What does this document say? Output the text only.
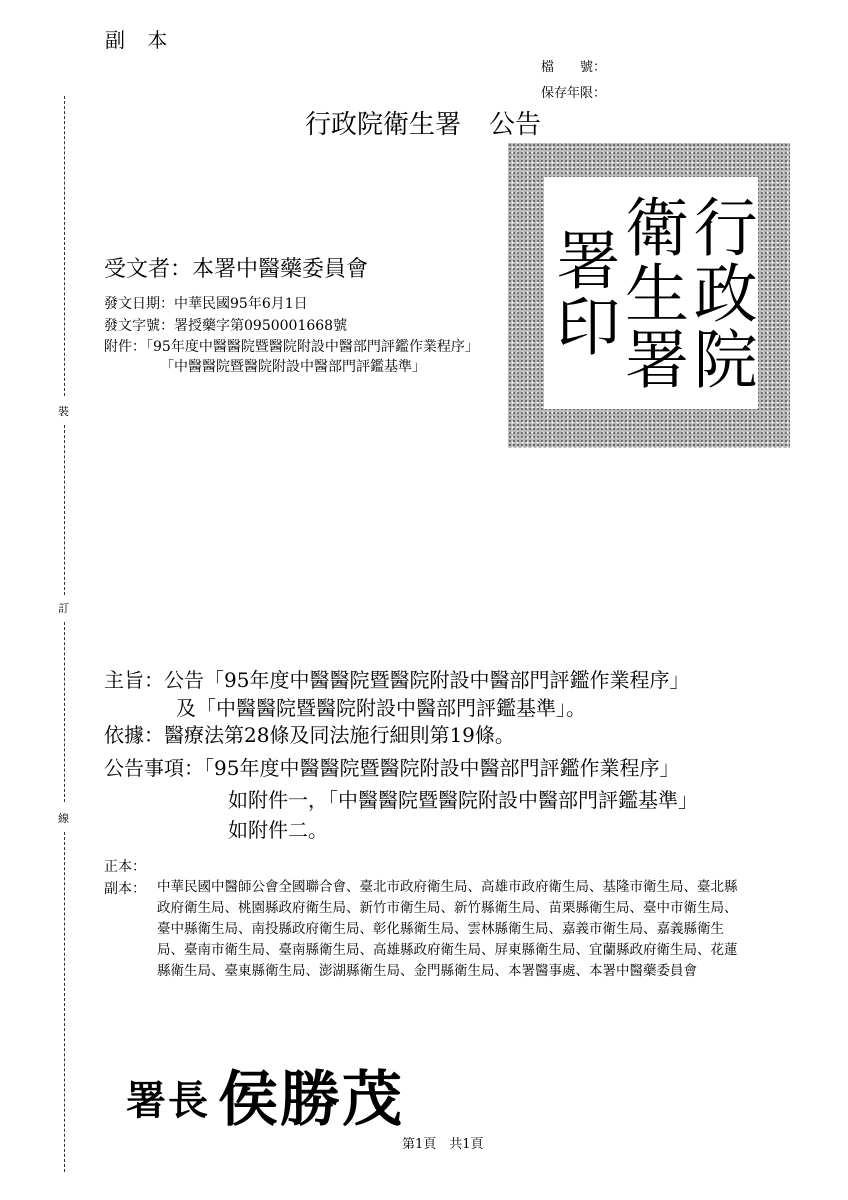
副 本
檔　　號：
保存年限：
行政院衛生署 公告
行政院
衛生署
署印
受文者：本署中醫藥委員會
發文日期：中華民國95年6月1日
發文字號：署授藥字第0950001668號
附件：「95年度中醫醫院暨醫院附設中醫部門評鑑作業程序」
「中醫醫院暨醫院附設中醫部門評鑑基準」
裝
訂
線
主旨：公告「95年度中醫醫院暨醫院附設中醫部門評鑑作業程序」
及「中醫醫院暨醫院附設中醫部門評鑑基準」。
依據：醫療法第28條及同法施行細則第19條。
公告事項：「95年度中醫醫院暨醫院附設中醫部門評鑑作業程序」
如附件一，「中醫醫院暨醫院附設中醫部門評鑑基準」
如附件二。
正本：
副本： 中華民國中醫師公會全國聯合會、臺北市政府衛生局、高雄市政府衛生局、基隆市衛生局、臺北縣政府衛生局、桃園縣政府衛生局、新竹市衛生局、新竹縣衛生局、苗栗縣衛生局、臺中市衛生局、臺中縣衛生局、南投縣政府衛生局、彰化縣衛生局、雲林縣衛生局、嘉義市衛生局、嘉義縣衛生局、臺南市衛生局、臺南縣衛生局、高雄縣政府衛生局、屏東縣衛生局、宜蘭縣政府衛生局、花蓮縣衛生局、臺東縣衛生局、澎湖縣衛生局、金門縣衛生局、本署醫事處、本署中醫藥委員會
署長 侯勝茂
第1頁　共1頁
